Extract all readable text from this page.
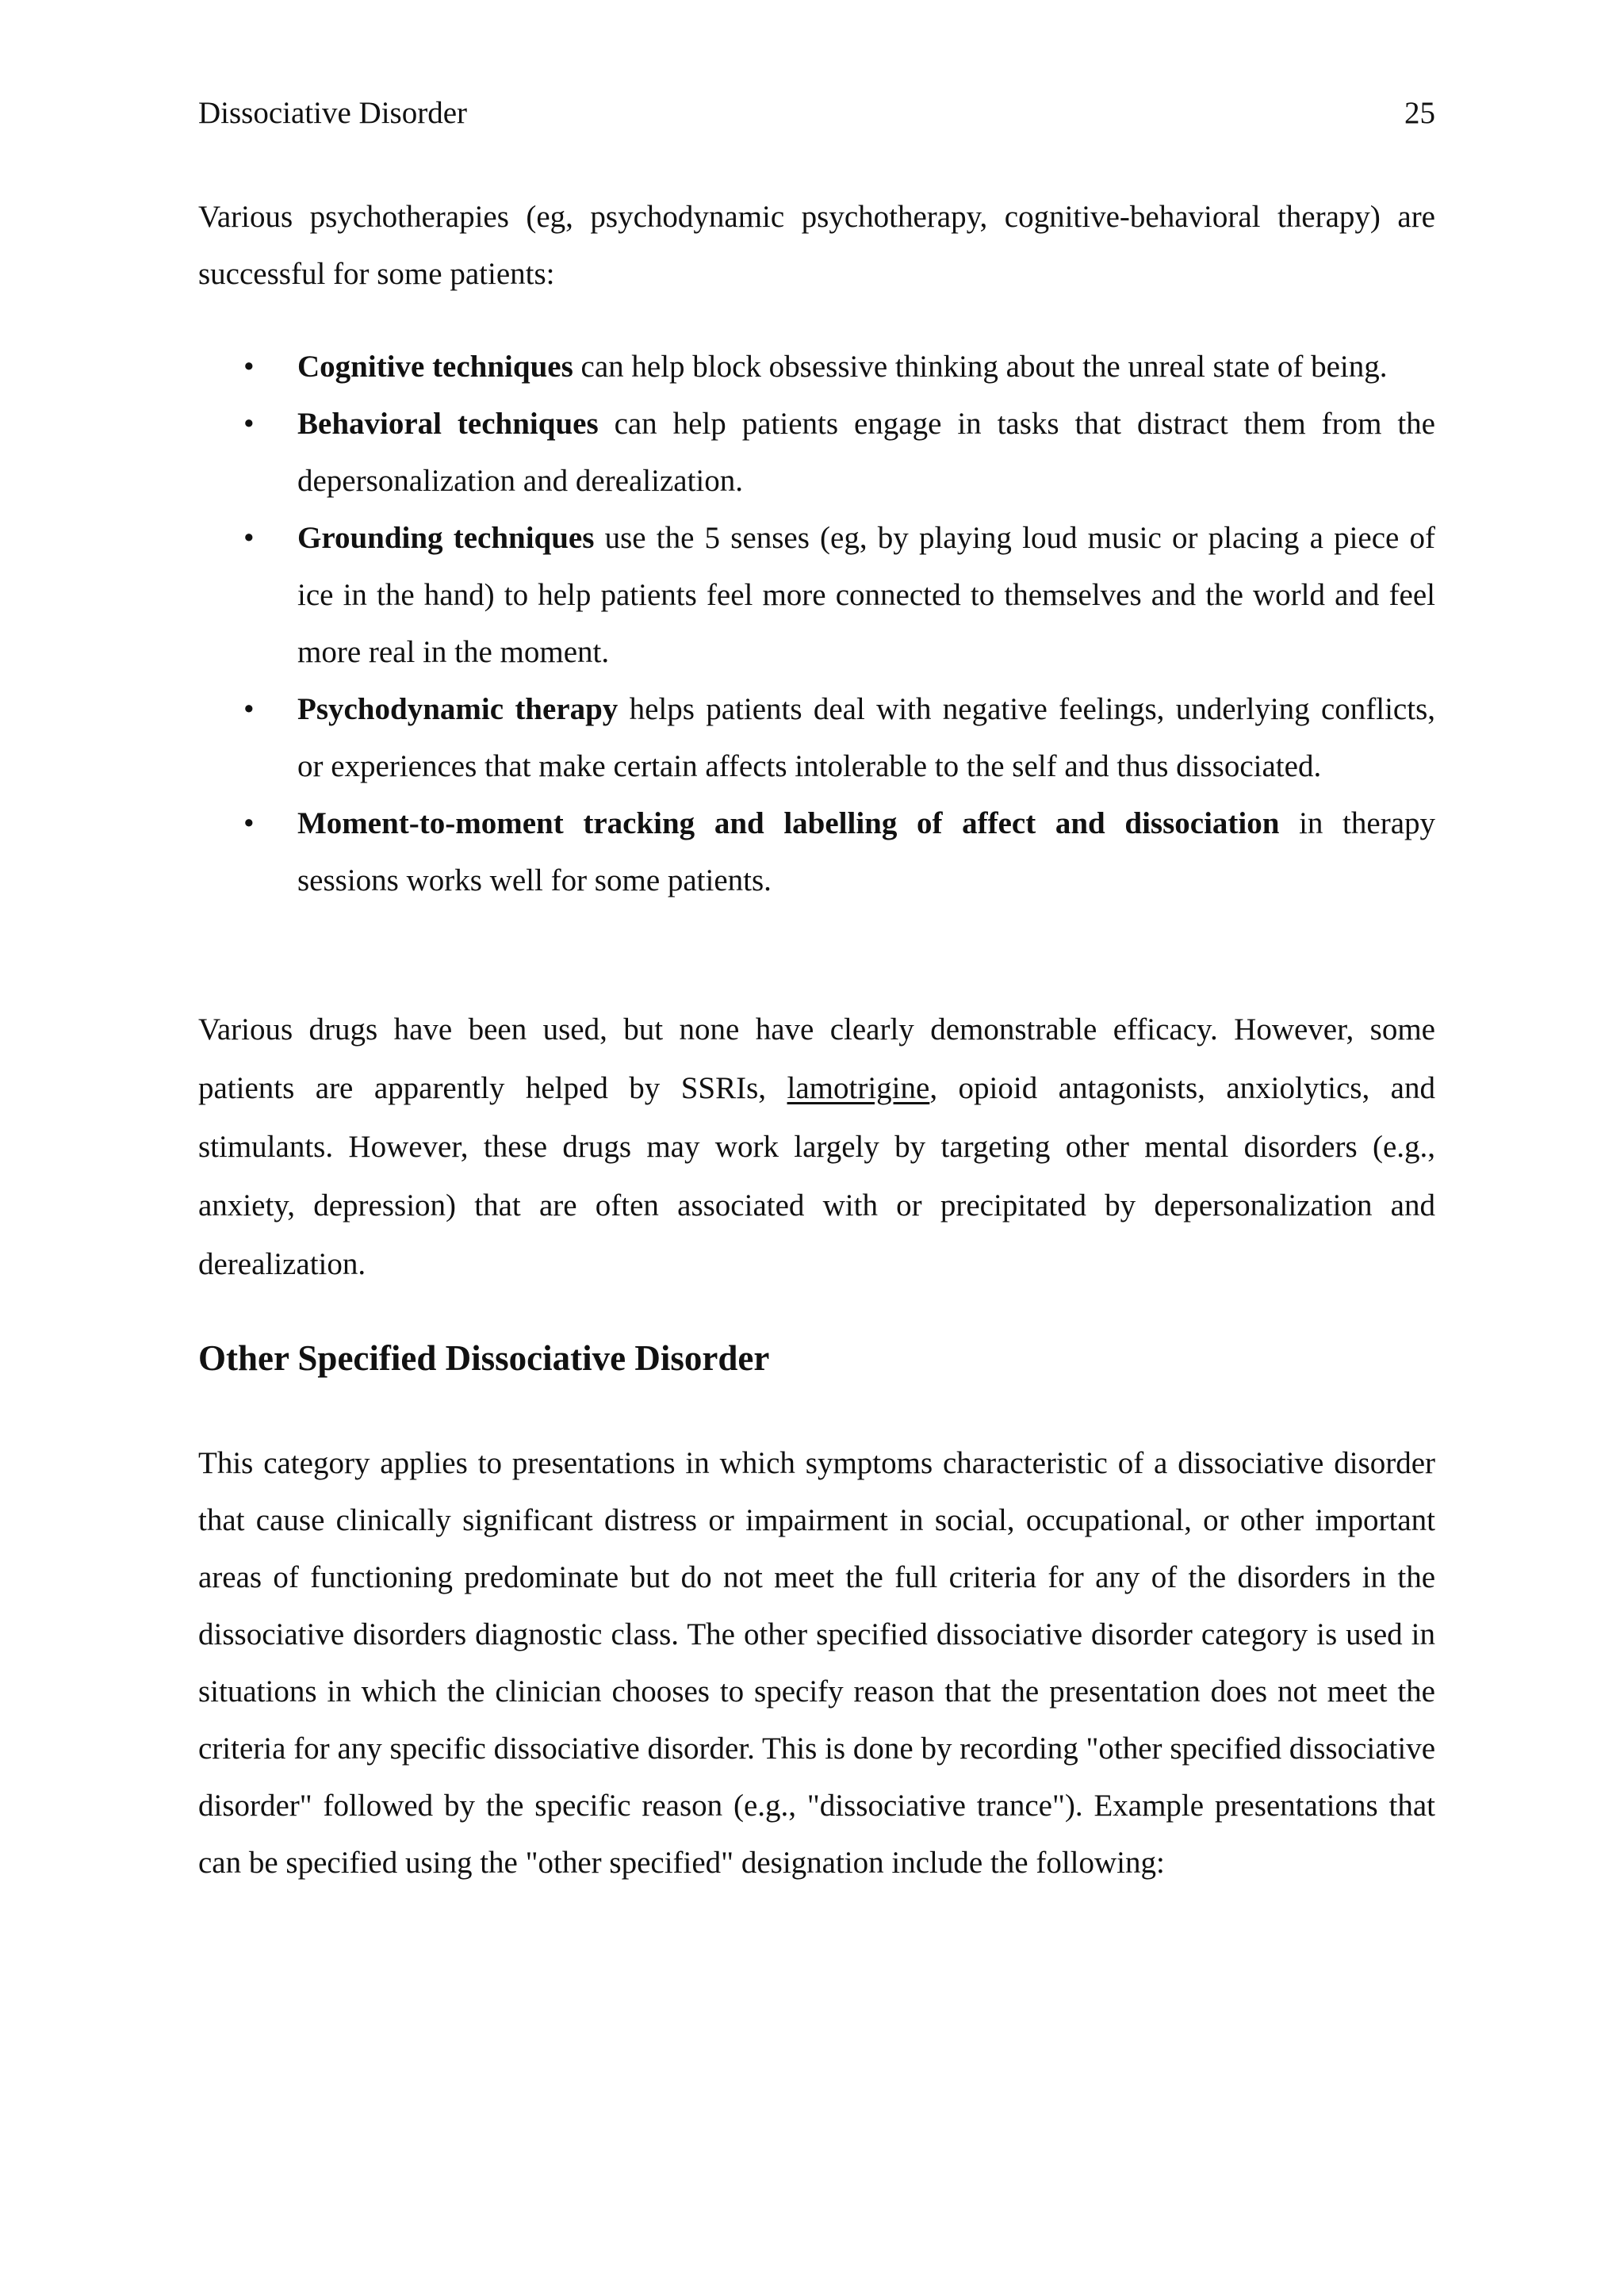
Dissociative Disorder	25

Various psychotherapies (eg, psychodynamic psychotherapy, cognitive-behavioral therapy) are successful for some patients:

• Cognitive techniques can help block obsessive thinking about the unreal state of being.
• Behavioral techniques can help patients engage in tasks that distract them from the depersonalization and derealization.
• Grounding techniques use the 5 senses (eg, by playing loud music or placing a piece of ice in the hand) to help patients feel more connected to themselves and the world and feel more real in the moment.
• Psychodynamic therapy helps patients deal with negative feelings, underlying conflicts, or experiences that make certain affects intolerable to the self and thus dissociated.
• Moment-to-moment tracking and labelling of affect and dissociation in therapy sessions works well for some patients.

Various drugs have been used, but none have clearly demonstrable efficacy. However, some patients are apparently helped by SSRIs, lamotrigine, opioid antagonists, anxiolytics, and stimulants. However, these drugs may work largely by targeting other mental disorders (e.g., anxiety, depression) that are often associated with or precipitated by depersonalization and derealization.

Other Specified Dissociative Disorder

This category applies to presentations in which symptoms characteristic of a dissociative disorder that cause clinically significant distress or impairment in social, occupational, or other important areas of functioning predominate but do not meet the full criteria for any of the disorders in the dissociative disorders diagnostic class. The other specified dissociative disorder category is used in situations in which the clinician chooses to specify reason that the presentation does not meet the criteria for any specific dissociative disorder. This is done by recording "other specified dissociative disorder" followed by the specific reason (e.g., "dissociative trance"). Example presentations that can be specified using the "other specified" designation include the following:
